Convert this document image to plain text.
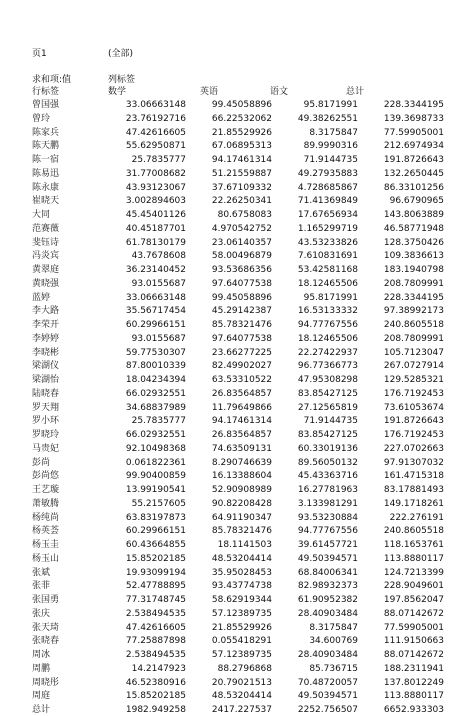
页1	(全部)
求和项:值	列标签
行标签	数学	英语	语文	总计
曾国强	33.06663148	99.45058896	95.8171991	228.3344195
曾玲	23.76192716	66.22532062	49.38262551	139.3698733
陈家兵	47.42616605	21.85529926	8.3175847	77.59905001
陈天鹏	55.62950871	67.06895313	89.9990316	212.6974934
陈一宿	25.7835777	94.17461314	71.9144735	191.8726643
陈易迅	31.77008682	51.21559887	49.27935883	132.2650445
陈永康	43.93123067	37.67109332	4.728685867	86.33101256
崔晓天	3.002894603	22.26250341	71.41369849	96.6790965
大同	45.45401126	80.6758083	17.67656934	143.8063889
范赛薇	40.45187701	4.970542752	1.165299719	46.58771948
斐钰诗	61.78130179	23.06140357	43.53233826	128.3750426
冯炎宾	43.7678608	58.00496879	7.610831691	109.3836613
黄翠庭	36.23140452	93.53686356	53.42581168	183.1940798
黄晓强	93.0155687	97.64077538	18.12465506	208.7809991
蓝婷	33.06663148	99.45058896	95.8171991	228.3344195
李大路	35.56717454	45.29142387	16.53133332	97.38992173
李荣开	60.29966151	85.78321476	94.77767556	240.8605518
李婷婷	93.0155687	97.64077538	18.12465506	208.7809991
李晓彬	59.77530307	23.66277225	22.27422937	105.7123047
梁湖仪	87.80010339	82.49902027	96.77366773	267.0727914
梁湖怡	18.04234394	63.53310522	47.95308298	129.5285321
陆晓春	66.02932551	26.83564857	83.85427125	176.7192453
罗天翔	34.68837989	11.79649866	27.12565819	73.61053674
罗小环	25.7835777	94.17461314	71.9144735	191.8726643
罗晓玲	66.02932551	26.83564857	83.85427125	176.7192453
马贵妃	92.10498368	74.63509131	60.33019136	227.0702663
彭尚	0.061822361	8.290746639	89.56050132	97.91307032
彭尚悠	99.90400859	16.13388604	45.43363716	161.4715318
王艺璇	13.99190541	52.90908989	16.27781963	83.17881493
萧敏腾	55.2157605	90.82208428	3.133981291	149.1718261
杨纯尚	63.83197873	64.91190347	93.53230884	222.276191
杨英荟	60.29966151	85.78321476	94.77767556	240.8605518
杨玉圭	60.43664855	18.1141503	39.61457721	118.1653761
杨玉山	15.85202185	48.53204414	49.50394571	113.8880117
张斌	19.93099194	35.95028453	68.84006341	124.7213399
张菲	52.47788895	93.43774738	82.98932373	228.9049601
张国勇	77.31748745	58.62919344	61.90952382	197.8562047
张庆	2.538494535	57.12389735	28.40903484	88.07142672
张天琦	47.42616605	21.85529926	8.3175847	77.59905001
张晓春	77.25887898	0.055418291	34.600769	111.9150663
周冰	2.538494535	57.12389735	28.40903484	88.07142672
周鹏	14.2147923	88.2796868	85.736715	188.2311941
周晓彤	46.52380916	20.79021513	70.48720057	137.8012249
周庭	15.85202185	48.53204414	49.50394571	113.8880117
总计	1982.949258	2417.227537	2252.756507	6652.933303
